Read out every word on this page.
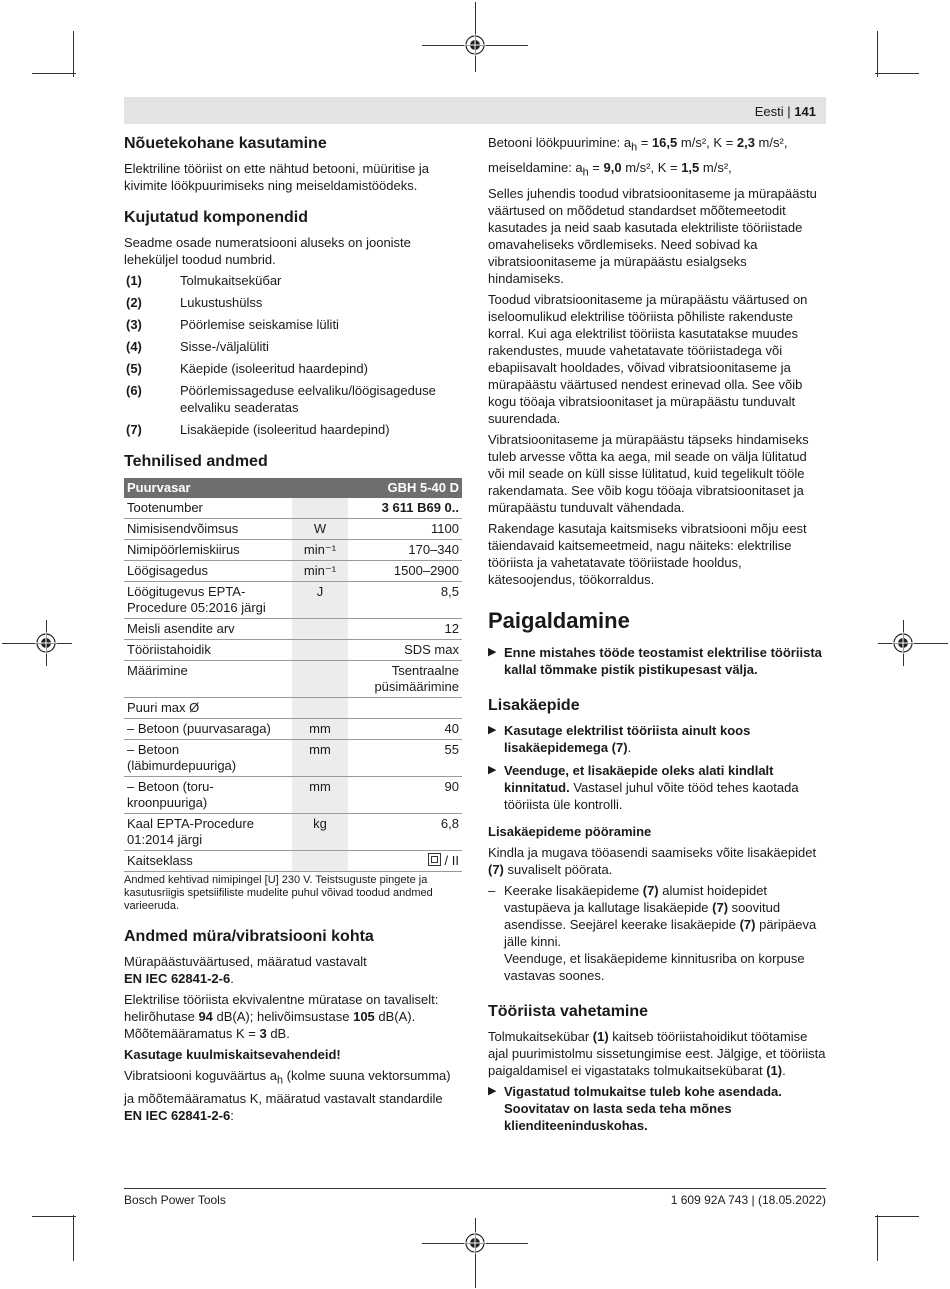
Eesti | 141
Nõuetekohane kasutamine

Elektriline tööriist on ette nähtud betooni, müüritise ja kivimite löökpuurimiseks ning meiseldamistöödeks.

Kujutatud komponendid

Seadme osade numeratsiooni aluseks on jooniste leheküljel toodud numbrid.

(1)	Tolmukaitseküбar
(2)	Lukustushülss
(3)	Pöörlemise seiskamise lüliti
(4)	Sisse-/väljalüliti
(5)	Käepide (isoleeritud haardepind)
(6)	Pöörlemissageduse eelvaliku/löögisageduse eelvaliku seaderatas
(7)	Lisakäepide (isoleeritud haardepind)
Tehnilised andmed
Puurvasar		GBH 5-40 D
Tootenumber		3 611 B69 0..
Nimisisendvõimsus	W	1100
Nimipöörlemiskiirus	min⁻¹	170–340
Löögisagedus	min⁻¹	1500–2900
Löögitugevus EPTA-Procedure 05:2016 järgi	J	8,5
Meisli asendite arv		12
Tööriistahoidik		SDS max
Määrimine		Tsentraalne püsimäärimine
Puuri max Ø		
– Betoon (puurvasaraga)	mm	40
– Betoon (läbimurdepuuriga)	mm	55
– Betoon (toru-kroonpuuriga)	mm	90
Kaal EPTA-Procedure 01:2014 järgi	kg	6,8
Kaitseklass		/ II
Andmed kehtivad nimipingel [U] 230 V. Teistsuguste pingete ja kasutusriigis spetsiifiliste mudelite puhul võivad toodud andmed varieeruda.
Andmed müra/vibratsiooni kohta

Mürapäästuväärtused, määratud vastavalt
EN IEC 62841-2-6.

Elektrilise tööriista ekvivalentne müratase on tavaliselt: helirõhutase 94 dB(A); helivõimsustase 105 dB(A). Mõõtemääramatus K = 3 dB.

Kasutage kuulmiskaitsevahendeid!

Vibratsiooni koguväärtus $a_h$ (kolme suuna vektorsumma) ja mõõtemääramatus K, määratud vastavalt standardile EN IEC 62841-2-6:

Betooni löökpuurimine: $a_h = 16,5$ m/s², K = 2,3 m/s²,

meiseldamine: $a_h = 9,0$ m/s², K = 1,5 m/s²,

Selles juhendis toodud vibratsioonitaseme ja mürapäästu väärtused on mõõdetud standardset mõõtemeetodit kasutades ja neid saab kasutada elektriliste tööriistade omavaheliseks võrdlemiseks. Need sobivad ka vibratsioonitaseme ja mürapäästu esialgseks hindamiseks.

Toodud vibratsioonitaseme ja mürapäästu väärtused on iseloomulikud elektrilise tööriista põhiliste rakenduste korral. Kui aga elektrilist tööriista kasutatakse muudes rakendustes, muude vahetatavate tööriistadega või ebapiisavalt hooldades, võivad vibratsioonitaseme ja mürapäästu väärtused nendest erinevad olla. See võib kogu tööaja vibratsioonitaset ja mürapäästu tunduvalt suurendada.

Vibratsioonitaseme ja mürapäästu täpseks hindamiseks tuleb arvesse võtta ka aega, mil seade on välja lülitatud või mil seade on küll sisse lülitatud, kuid tegelikult tööle rakendamata. See võib kogu tööaja vibratsioonitaset ja mürapäästu tunduvalt vähendada.

Rakendage kasutaja kaitsmiseks vibratsiooni mõju eest täiendavaid kaitsemeetmeid, nagu näiteks: elektrilise tööriista ja vahetatavate tööriistade hooldus, kätesoojendus, töökorraldus.

Paigaldamine
▶ Enne mistahes tööde teostamist elektrilise tööriista kallal tõmmake pistik pistikupesast välja.
Lisakäepide
▶ Kasutage elektrilist tööriista ainult koos lisakäepidemega (7).
▶ Veenduge, et lisakäepide oleks alati kindlalt kinnitatud. Vastasel juhul võite tööd tehes kaotada tööriista üle kontrolli.
Lisakäepideme pööramine

Kindla ja mugava tööasendi saamiseks võite lisakäepidet (7) suvaliselt pöörata.

– Keerake lisakäepideme (7) alumist hoidepidet vastupäeva ja kallutage lisakäepide (7) soovitud asendisse. Seejärel keerake lisakäepide (7) päripäeva jälle kinni.
Veenduge, et lisakäepideme kinnitusriba on korpuse vastavas soones.
Tööriista vahetamine

Tolmukaitsekübar (1) kaitseb tööriistahoidikut töötamise ajal puurimistolmu sissetungimise eest. Jälgige, et tööriista paigaldamisel ei vigastataks tolmukaitsekübarat (1).

▶ Vigastatud tolmukaitse tuleb kohe asendada. Soovitatav on lasta seda teha mõnes klienditeeninduskohas.
Bosch Power Tools	1 609 92A 743 | (18.05.2022)
